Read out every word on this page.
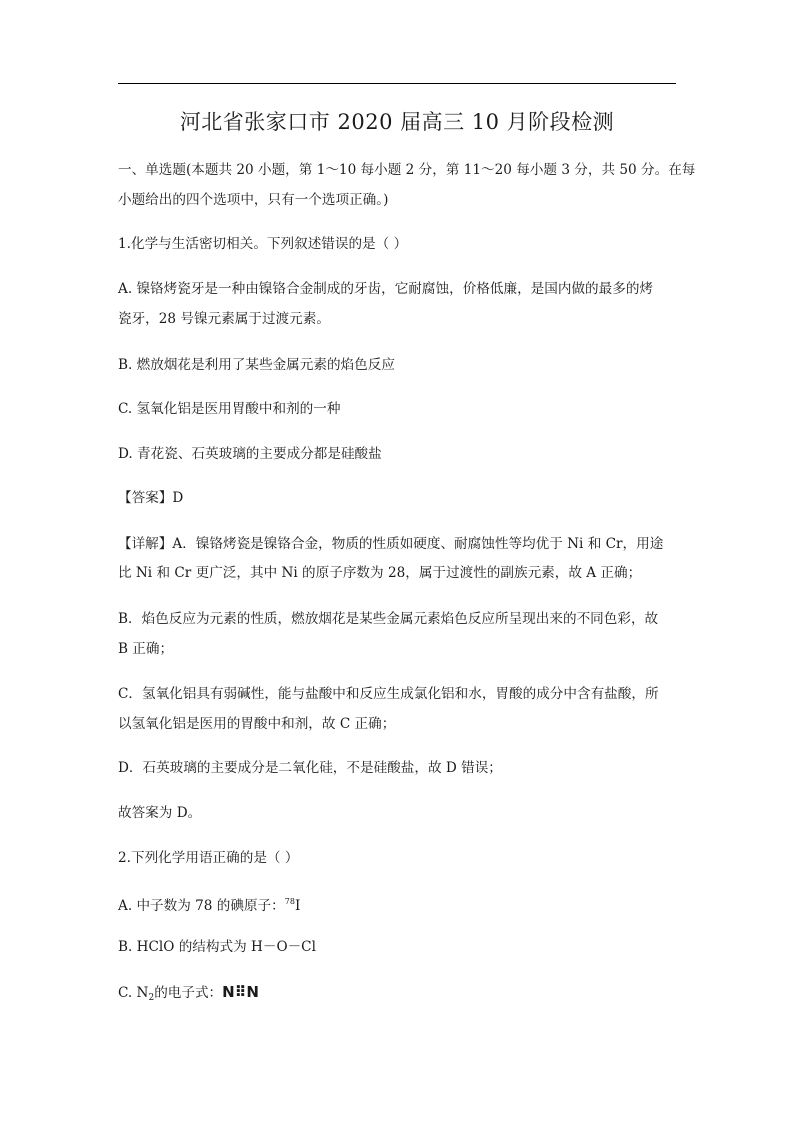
河北省张家口市 2020 届高三 10 月阶段检测
一、单选题(本题共 20 小题，第 1～10 每小题 2 分，第 11～20 每小题 3 分，共 50 分。在每
小题给出的四个选项中，只有一个选项正确。)
1.化学与生活密切相关。下列叙述错误的是（ ）
A. 镍铬烤瓷牙是一种由镍铬合金制成的牙齿，它耐腐蚀，价格低廉，是国内做的最多的烤
瓷牙，28 号镍元素属于过渡元素。
B. 燃放烟花是利用了某些金属元素的焰色反应
C. 氢氧化铝是医用胃酸中和剂的一种
D. 青花瓷、石英玻璃的主要成分都是硅酸盐
【答案】D
【详解】A．镍铬烤瓷是镍铬合金，物质的性质如硬度、耐腐蚀性等均优于 Ni 和 Cr，用途
比 Ni 和 Cr 更广泛，其中 Ni 的原子序数为 28，属于过渡性的副族元素，故 A 正确；
B．焰色反应为元素的性质，燃放烟花是某些金属元素焰色反应所呈现出来的不同色彩，故
B 正确；
C．氢氧化铝具有弱碱性，能与盐酸中和反应生成氯化铝和水，胃酸的成分中含有盐酸，所
以氢氧化铝是医用的胃酸中和剂，故 C 正确；
D．石英玻璃的主要成分是二氧化硅，不是硅酸盐，故 D 错误；
故答案为 D。
2.下列化学用语正确的是（ ）
A. 中子数为 78 的碘原子：$^{78}$I
B. HClO 的结构式为 H－O－Cl
C. $N_2$的电子式：N⠿N
